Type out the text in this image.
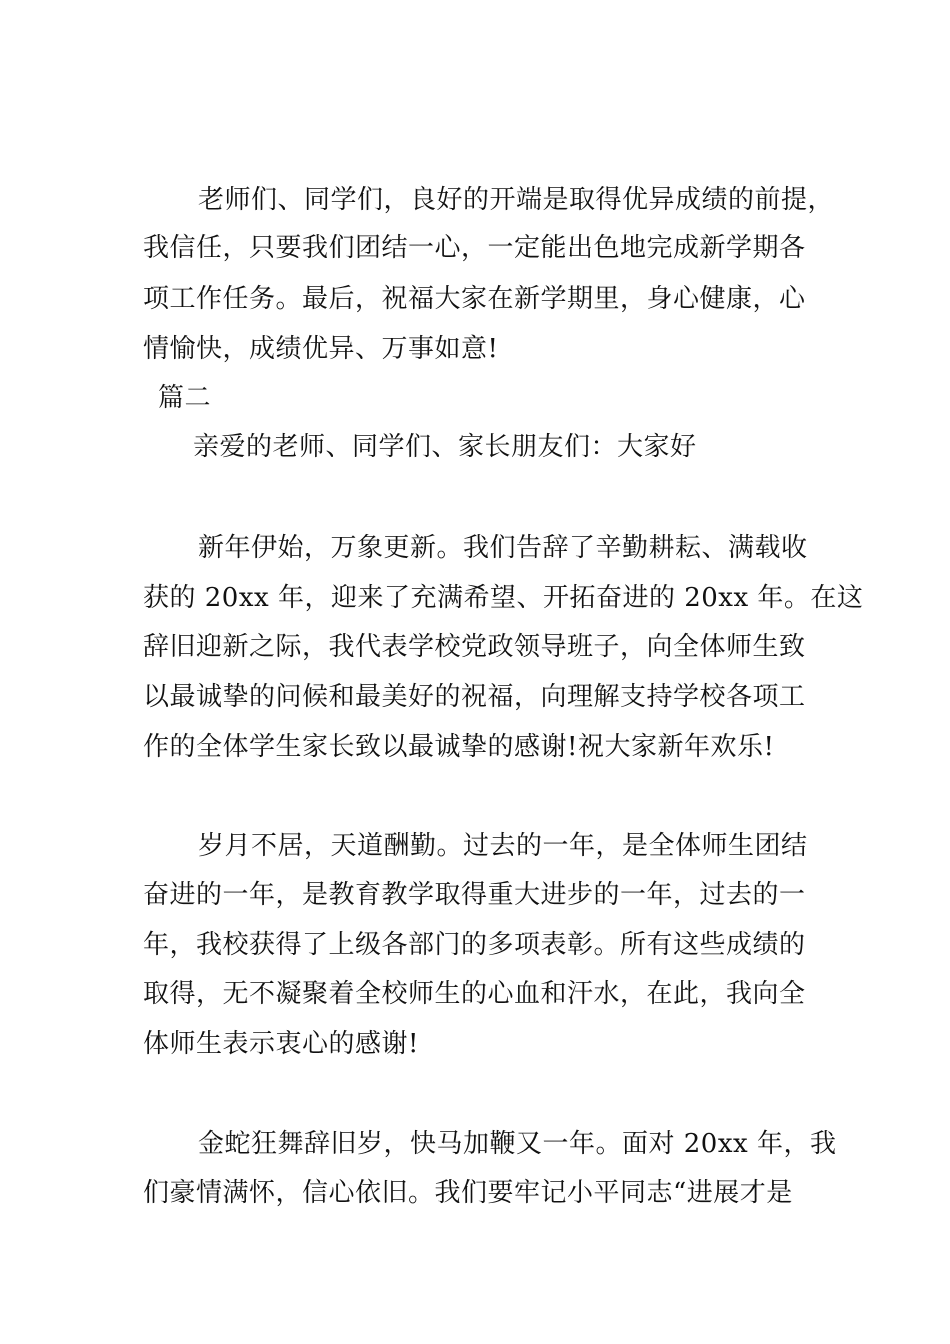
老师们、同学们，良好的开端是取得优异成绩的前提，
我信任，只要我们团结一心，一定能出色地完成新学期各
项工作任务。最后，祝福大家在新学期里，身心健康，心
情愉快，成绩优异、万事如意!
篇二
亲爱的老师、同学们、家长朋友们：大家好
新年伊始，万象更新。我们告辞了辛勤耕耘、满载收
获的 20xx 年，迎来了充满希望、开拓奋进的 20xx 年。在这
辞旧迎新之际，我代表学校党政领导班子，向全体师生致
以最诚挚的问候和最美好的祝福，向理解支持学校各项工
作的全体学生家长致以最诚挚的感谢!祝大家新年欢乐!
岁月不居，天道酬勤。过去的一年，是全体师生团结
奋进的一年，是教育教学取得重大进步的一年，过去的一
年，我校获得了上级各部门的多项表彰。所有这些成绩的
取得，无不凝聚着全校师生的心血和汗水，在此，我向全
体师生表示衷心的感谢!
金蛇狂舞辞旧岁，快马加鞭又一年。面对 20xx 年，我
们豪情满怀，信心依旧。我们要牢记小平同志“进展才是
